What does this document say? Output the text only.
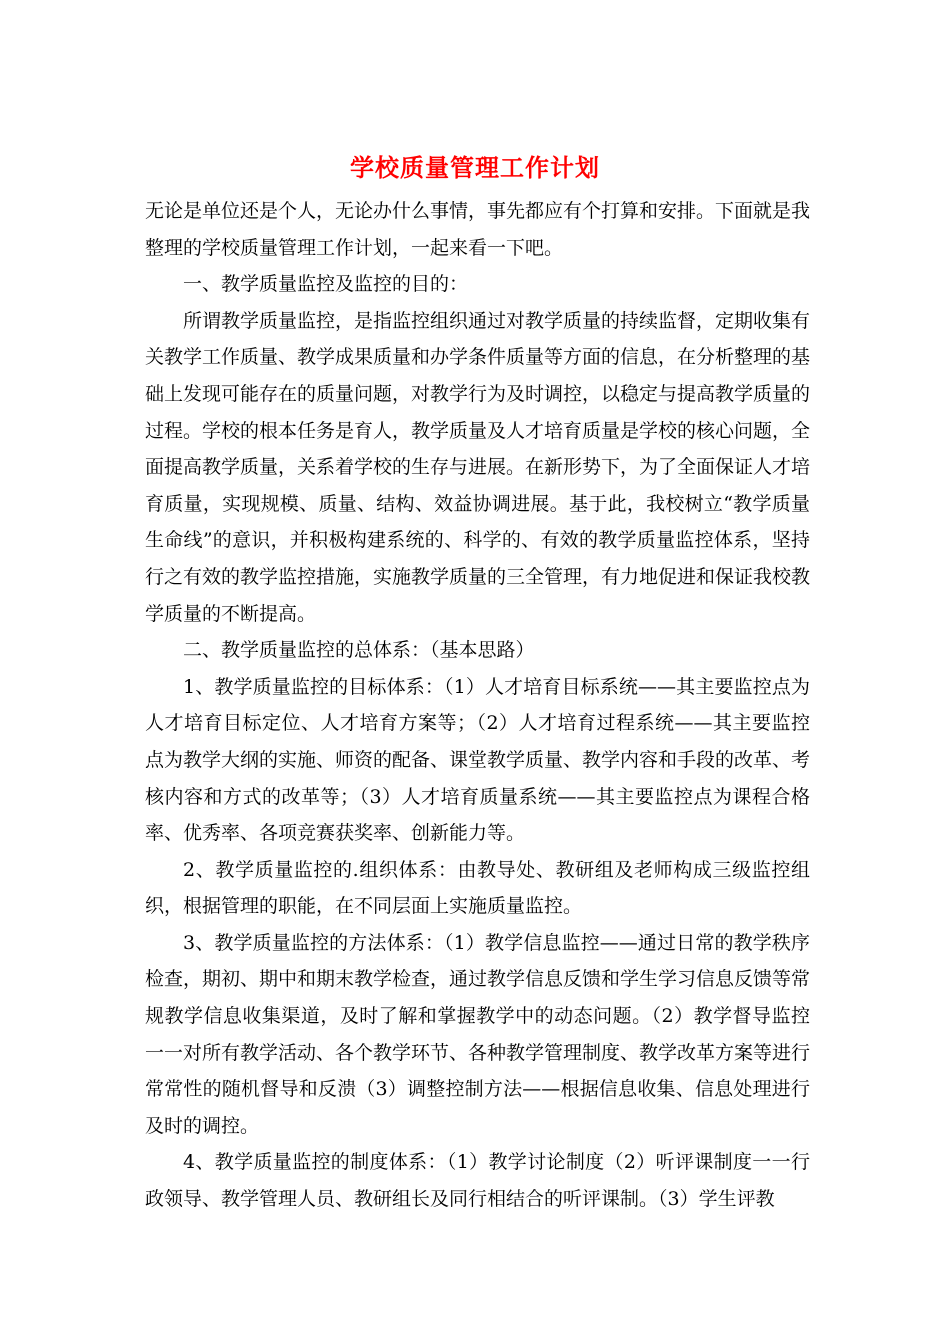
学校质量管理工作计划

无论是单位还是个人，无论办什么事情，事先都应有个打算和安排。下面就是我整理的学校质量管理工作计划，一起来看一下吧。

一、教学质量监控及监控的目的：

所谓教学质量监控，是指监控组织通过对教学质量的持续监督，定期收集有关教学工作质量、教学成果质量和办学条件质量等方面的信息，在分析整理的基础上发现可能存在的质量问题，对教学行为及时调控，以稳定与提高教学质量的过程。学校的根本任务是育人，教学质量及人才培育质量是学校的核心问题，全面提高教学质量，关系着学校的生存与进展。在新形势下，为了全面保证人才培育质量，实现规模、质量、结构、效益协调进展。基于此，我校树立“教学质量生命线”的意识，并积极构建系统的、科学的、有效的教学质量监控体系，坚持行之有效的教学监控措施，实施教学质量的三全管理，有力地促进和保证我校教学质量的不断提高。

二、教学质量监控的总体系：（基本思路）

1、教学质量监控的目标体系：（1）人才培育目标系统——其主要监控点为人才培育目标定位、人才培育方案等；（2）人才培育过程系统——其主要监控点为教学大纲的实施、师资的配备、课堂教学质量、教学内容和手段的改革、考核内容和方式的改革等；（3）人才培育质量系统——其主要监控点为课程合格率、优秀率、各项竞赛获奖率、创新能力等。

2、教学质量监控的.组织体系：由教导处、教研组及老师构成三级监控组织，根据管理的职能，在不同层面上实施质量监控。

3、教学质量监控的方法体系：（1）教学信息监控——通过日常的教学秩序检查，期初、期中和期末教学检查，通过教学信息反馈和学生学习信息反馈等常规教学信息收集渠道，及时了解和掌握教学中的动态问题。（2）教学督导监控一一对所有教学活动、各个教学环节、各种教学管理制度、教学改革方案等进行常常性的随机督导和反溃（3）调整控制方法——根据信息收集、信息处理进行及时的调控。

4、教学质量监控的制度体系：（1）教学讨论制度（2）听评课制度一一行政领导、教学管理人员、教研组长及同行相结合的听评课制。（3）学生评教
